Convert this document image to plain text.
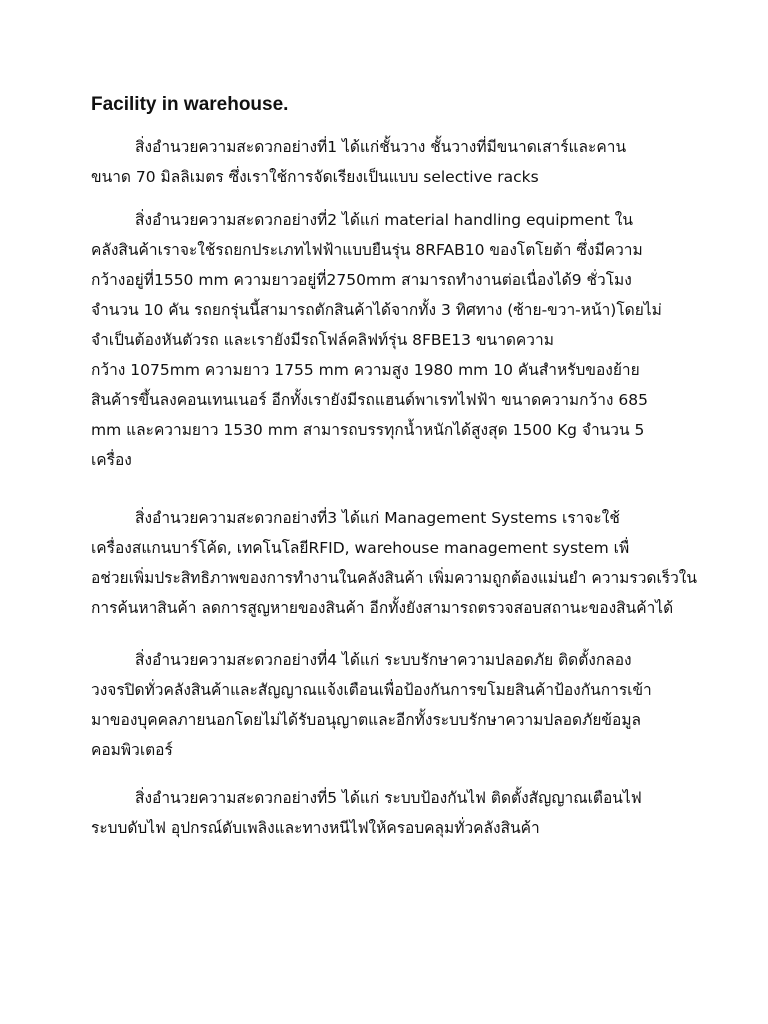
Facility in warehouse.

สิ่งอำนวยความสะดวกอย่างที่1 ได้แก่ชั้นวาง ชั้นวางที่มีขนาดเสาร์และคาน
ขนาด 70 มิลลิเมตร ซึ่งเราใช้การจัดเรียงเป็นแบบ selective racks

สิ่งอำนวยความสะดวกอย่างที่2 ได้แก่ material handling equipment ใน
คลังสินค้าเราจะใช้รถยกประเภทไฟฟ้าแบบยืนรุ่น 8RFAB10 ของโตโยต้า ซึ่งมีความ
กว้างอยู่ที่1550 mm ความยาวอยู่ที่2750mm สามารถทำงานต่อเนื่องได้9 ชั่วโมง
จำนวน 10 คัน รถยกรุ่นนี้สามารถตักสินค้าได้จากทั้ง 3 ทิศทาง (ซ้าย-ขวา-หน้า)โดยไม่
จำเป็นต้องหันตัวรถ และเรายังมีรถโฟล์คลิฟท์รุ่น 8FBE13 ขนาดความ
กว้าง 1075mm ความยาว 1755 mm ความสูง 1980 mm 10 คันสำหรับของย้าย
สินค้ารขึ้นลงคอนเทนเนอร์ อีกทั้งเรายังมีรถแฮนด์พาเรทไฟฟ้า ขนาดความกว้าง 685
mm และความยาว 1530 mm สามารถบรรทุกน้ำหนักได้สูงสุด 1500 Kg จำนวน 5
เครื่อง

สิ่งอำนวยความสะดวกอย่างที่3 ได้แก่ Management Systems เราจะใช้
เครื่องสแกนบาร์โค้ด, เทคโนโลยีRFID, warehouse management system เพื่
อช่วยเพิ่มประสิทธิภาพของการทำงานในคลังสินค้า เพิ่มความถูกต้องแม่นยำ ความรวดเร็วใน
การค้นหาสินค้า ลดการสูญหายของสินค้า อีกทั้งยังสามารถตรวจสอบสถานะของสินค้าได้

สิ่งอำนวยความสะดวกอย่างที่4 ได้แก่ ระบบรักษาความปลอดภัย ติดตั้งกลอง
วงจรปิดทั่วคลังสินค้าและสัญญาณแจ้งเตือนเพื่อป้องกันการขโมยสินค้าป้องกันการเข้า
มาของบุคคลภายนอกโดยไม่ได้รับอนุญาตและอีกทั้งระบบรักษาความปลอดภัยข้อมูล
คอมพิวเตอร์

สิ่งอำนวยความสะดวกอย่างที่5 ได้แก่ ระบบป้องกันไฟ ติดตั้งสัญญาณเตือนไฟ
ระบบดับไฟ อุปกรณ์ดับเพลิงและทางหนีไฟให้ครอบคลุมทั่วคลังสินค้า
